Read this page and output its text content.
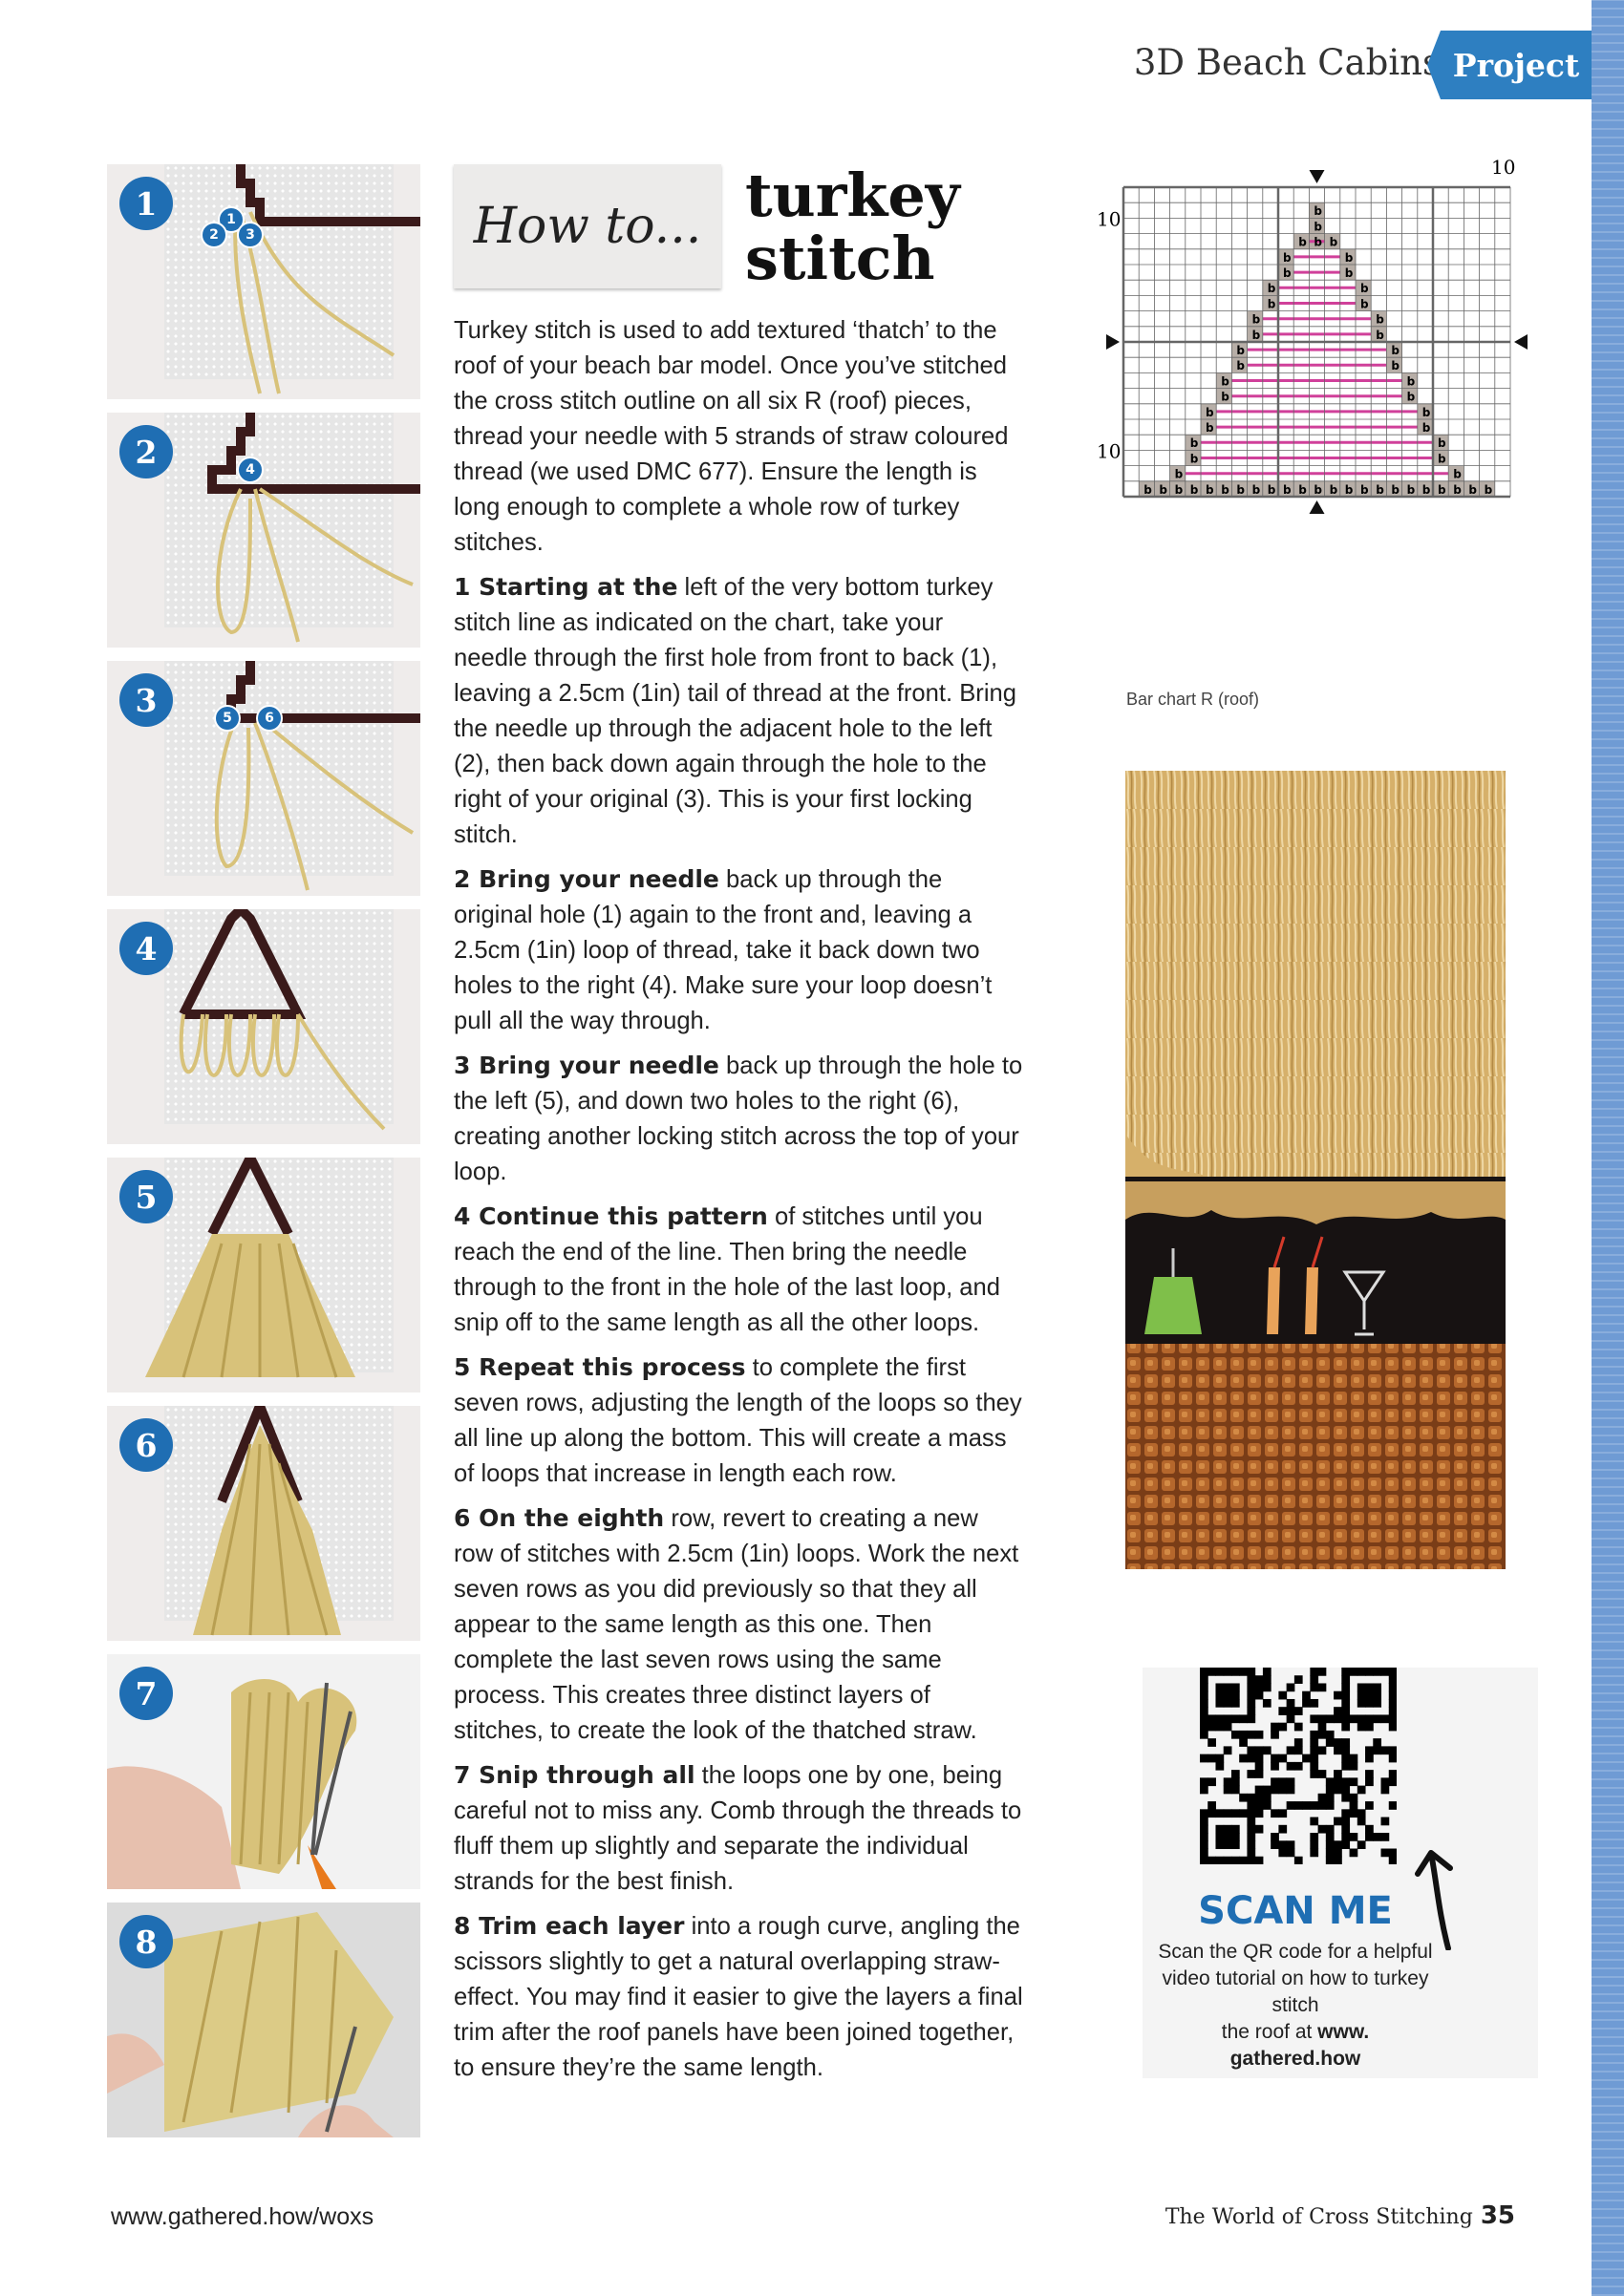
3D Beach Cabins Project
1	1
2	3
2	4
3	5	6
4
5
6
7
8
How to... turkey
stitch

Turkey stitch is used to add textured ‘thatch’ to the roof of your beach bar model. Once you’ve stitched the cross stitch outline on all six R (roof) pieces, thread your needle with 5 strands of straw coloured thread (we used DMC 677). Ensure the length is long enough to complete a whole row of turkey stitches.

1 Starting at the left of the very bottom turkey stitch line as indicated on the chart, take your needle through the first hole from front to back (1), leaving a 2.5cm (1in) tail of thread at the front. Bring the needle up through the adjacent hole to the left (2), then back down again through the hole to the right of your original (3). This is your first locking stitch.

2 Bring your needle back up through the original hole (1) again to the front and, leaving a 2.5cm (1in) loop of thread, take it back down two holes to the right (4). Make sure your loop doesn’t pull all the way through.

3 Bring your needle back up through the hole to the left (5), and down two holes to the right (6), creating another locking stitch across the top of your loop.

4 Continue this pattern of stitches until you reach the end of the line. Then bring the needle through to the front in the hole of the last loop, and snip off to the same length as all the other loops.

5 Repeat this process to complete the first seven rows, adjusting the length of the loops so they all line up along the bottom. This will create a mass of loops that increase in length each row.

6 On the eighth row, revert to creating a new row of stitches with 2.5cm (1in) loops. Work the next seven rows as you did previously so that they all appear to the same length as this one. Then complete the last seven rows using the same process. This creates three distinct layers of stitches, to create the look of the thatched straw.

7 Snip through all the loops one by one, being careful not to miss any. Comb through the threads to fluff them up slightly and separate the individual strands for the best finish.

8 Trim each layer into a rough curve, angling the scissors slightly to get a natural overlapping straw-effect. You may find it easier to give the layers a final trim after the roof panels have been joined together, to ensure they’re the same length.

b
b
b
b b
b	b
b	b
b	b
b	b
b	b
b	b
b	b
b	b
b	b
b	b
b	b
b	b
b	b
b	b
b	b
b b b b b b b b b b b b b b b b b b b b b b b
10
10
10
Bar chart R (roof)
SCAN ME
Scan the QR code for a helpful video tutorial on how to turkey stitch
the roof at www.
gathered.how
www.gathered.how/woxs	The World of Cross Stitching 35
